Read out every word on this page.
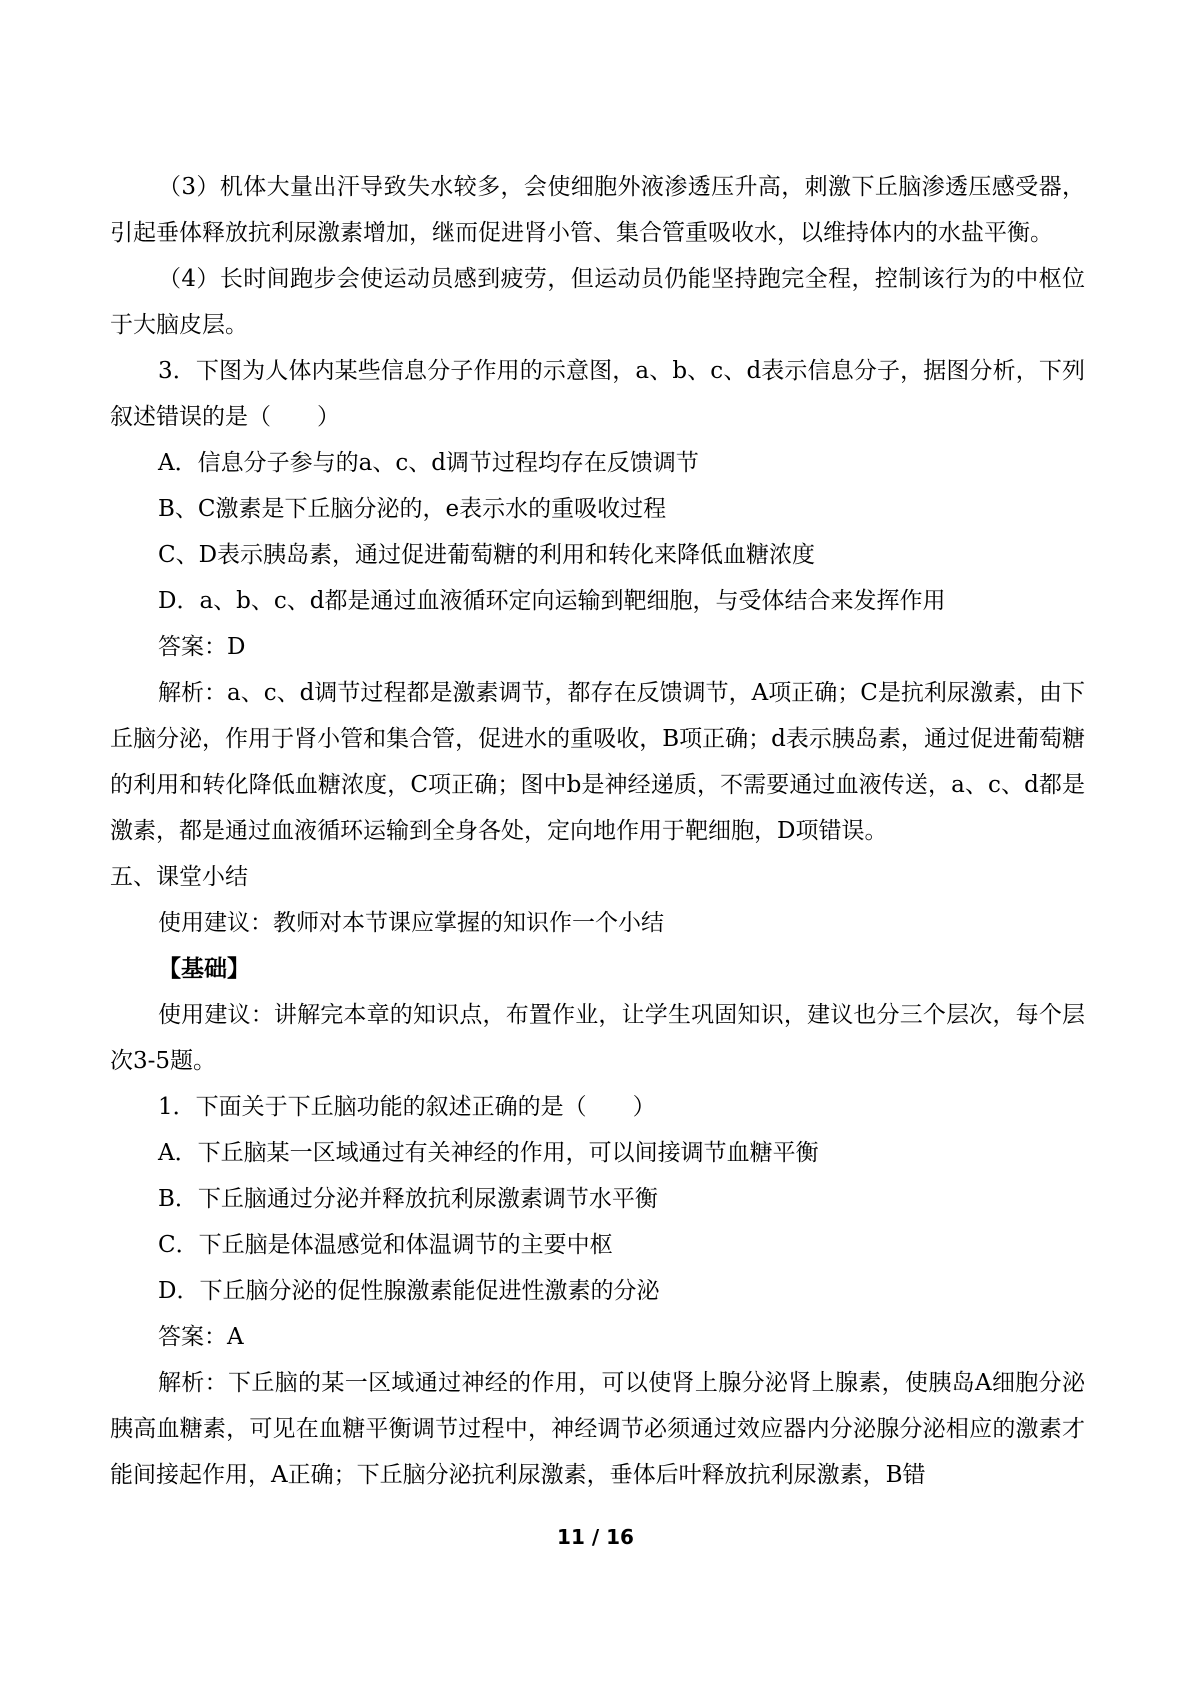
（3）机体大量出汗导致失水较多，会使细胞外液渗透压升高，刺激下丘脑渗透压感受器，引起垂体释放抗利尿激素增加，继而促进肾小管、集合管重吸收水，以维持体内的水盐平衡。

（4）长时间跑步会使运动员感到疲劳，但运动员仍能坚持跑完全程，控制该行为的中枢位于大脑皮层。

3．下图为人体内某些信息分子作用的示意图，a、b、c、d表示信息分子，据图分析，下列叙述错误的是（　　）

A．信息分子参与的a、c、d调节过程均存在反馈调节

B、C激素是下丘脑分泌的，e表示水的重吸收过程

C、D表示胰岛素，通过促进葡萄糖的利用和转化来降低血糖浓度

D．a、b、c、d都是通过血液循环定向运输到靶细胞，与受体结合来发挥作用

答案：D

解析：a、c、d调节过程都是激素调节，都存在反馈调节，A项正确；C是抗利尿激素，由下丘脑分泌，作用于肾小管和集合管，促进水的重吸收，B项正确；d表示胰岛素，通过促进葡萄糖的利用和转化降低血糖浓度，C项正确；图中b是神经递质，不需要通过血液传送，a、c、d都是激素，都是通过血液循环运输到全身各处，定向地作用于靶细胞，D项错误。

五、课堂小结

使用建议：教师对本节课应掌握的知识作一个小结

【基础】

使用建议：讲解完本章的知识点，布置作业，让学生巩固知识，建议也分三个层次，每个层次3-5题。

1．下面关于下丘脑功能的叙述正确的是（　　）

A．下丘脑某一区域通过有关神经的作用，可以间接调节血糖平衡

B．下丘脑通过分泌并释放抗利尿激素调节水平衡

C．下丘脑是体温感觉和体温调节的主要中枢

D．下丘脑分泌的促性腺激素能促进性激素的分泌

答案：A

解析：下丘脑的某一区域通过神经的作用，可以使肾上腺分泌肾上腺素，使胰岛A细胞分泌胰高血糖素，可见在血糖平衡调节过程中，神经调节必须通过效应器内分泌腺分泌相应的激素才能间接起作用，A正确；下丘脑分泌抗利尿激素，垂体后叶释放抗利尿激素，B错

11 / 16
